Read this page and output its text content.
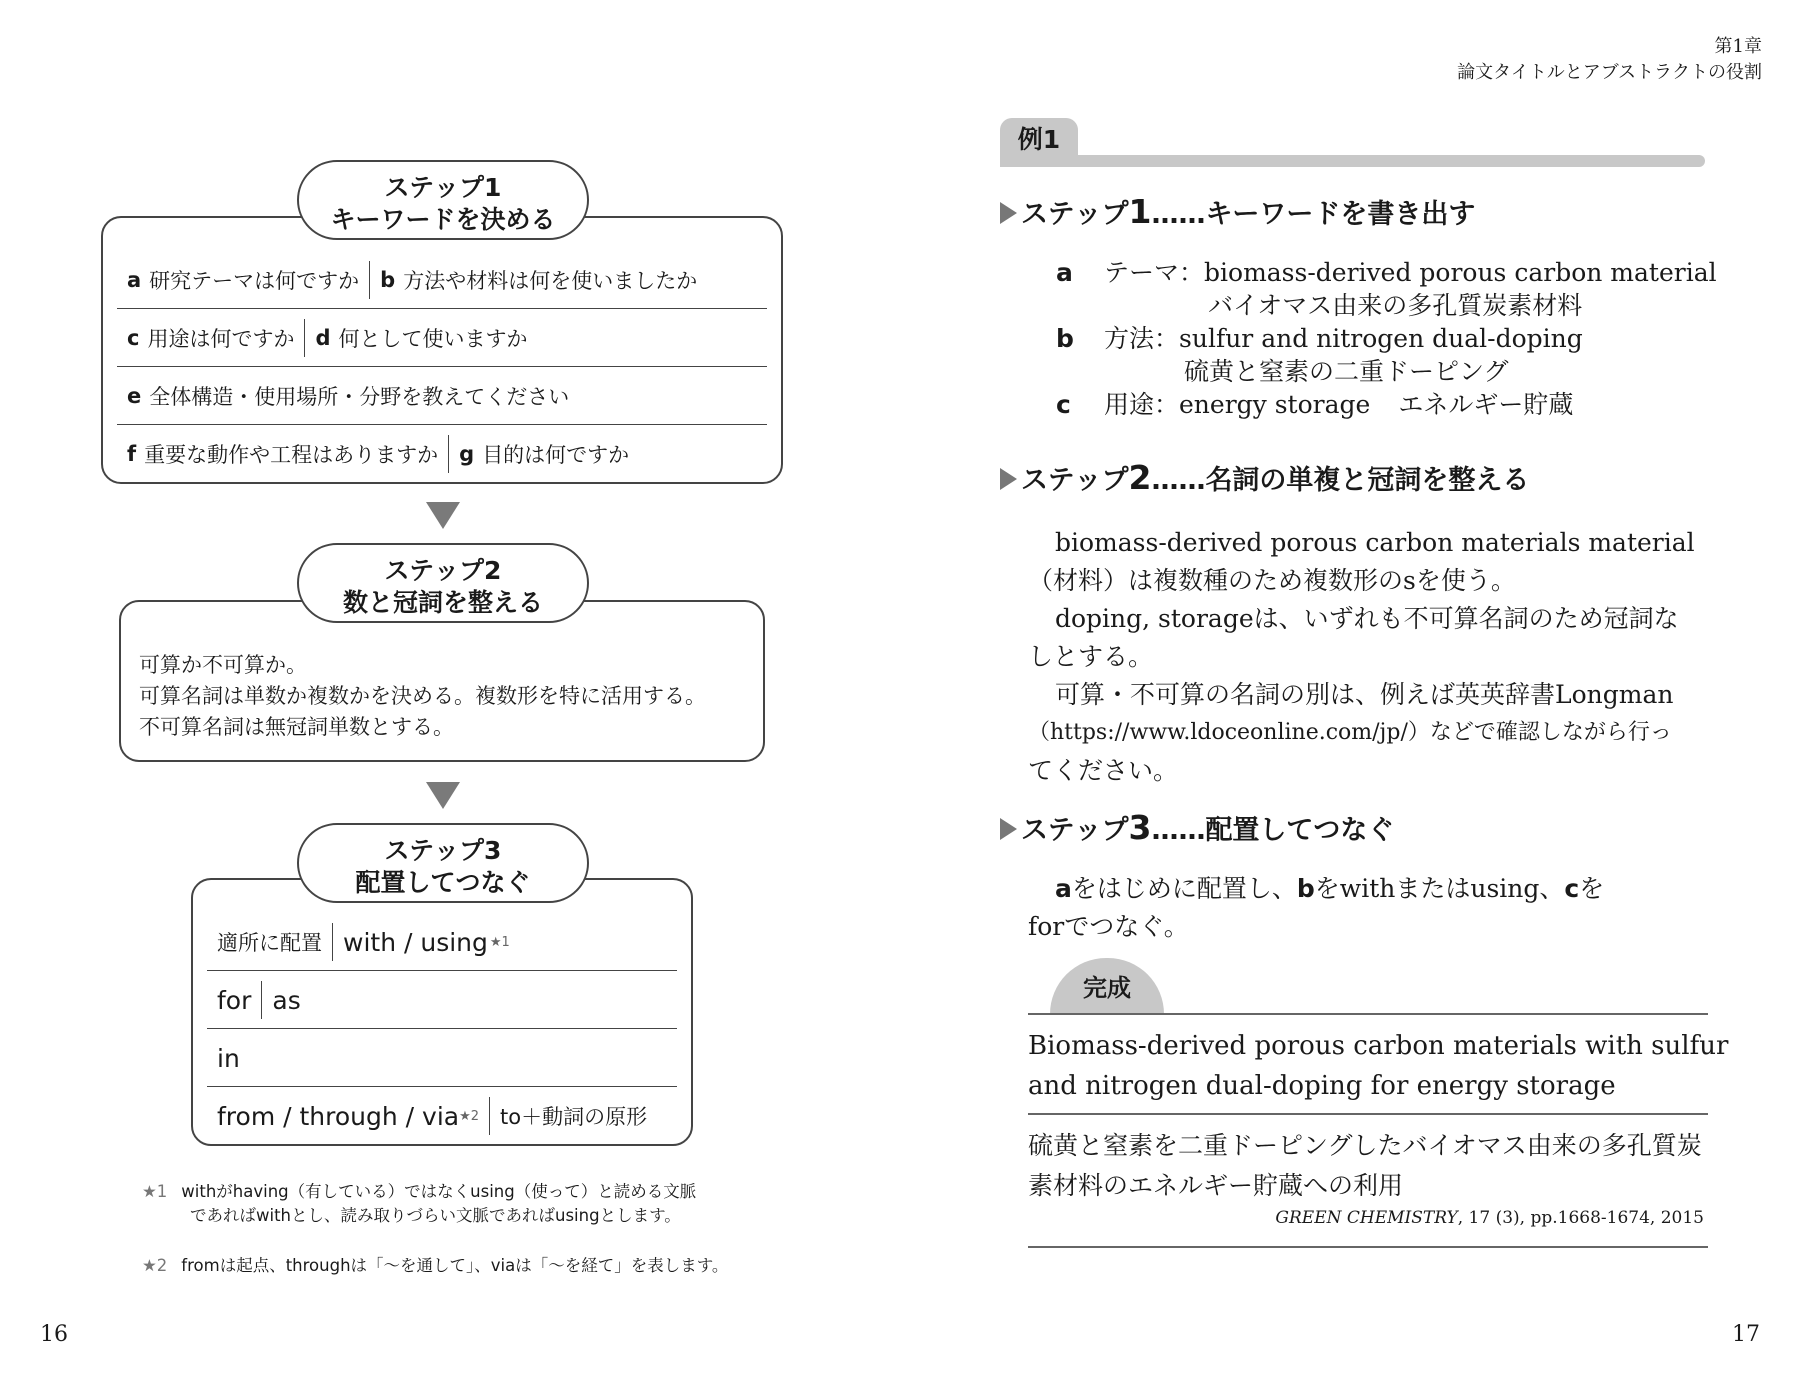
第1章
論文タイトルとアブストラクトの役割
16	17
a 研究テーマは何ですか b 方法や材料は何を使いましたか
c 用途は何ですか d 何として使いますか
e 全体構造・使用場所・分野を教えてください
f 重要な動作や工程はありますか g 目的は何ですか
ステップ1
キーワードを決める
可算か不可算か。
可算名詞は単数か複数かを決める。複数形を特に活用する。
不可算名詞は無冠詞単数とする。
ステップ2
数と冠詞を整える
適所に配置 with / using ★1
for as
in
from / through / via ★2	to＋動詞の原形
ステップ3
配置してつなぐ
★1 withがhaving（有している）ではなくusing（使って）と読める文脈
であればwithとし、読み取りづらい文脈であればusingとします。
★2 fromは起点、throughは「〜を通して」、viaは「〜を経て」を表します。
例1
ステップ1……キーワードを書き出す
a テーマ：biomass-derived porous carbon material
バイオマス由来の多孔質炭素材料
b 方法：sulfur and nitrogen dual-doping
硫黄と窒素の二重ドーピング
c 用途：energy storage エネルギー貯蔵
ステップ2……名詞の単複と冠詞を整える
biomass-derived porous carbon materials material
（材料）は複数種のため複数形のsを使う。
doping, storageは、いずれも不可算名詞のため冠詞な
しとする。
可算・不可算の名詞の別は、例えば英英辞書Longman
（https://www.ldoceonline.com/jp/）などで確認しながら行っ
てください。
ステップ3……配置してつなぐ
aをはじめに配置し、bをwithまたはusing、cを
forでつなぐ。
完成
Biomass-derived porous carbon materials with sulfur
and nitrogen dual-doping for energy storage
硫黄と窒素を二重ドーピングしたバイオマス由来の多孔質炭
素材料のエネルギー貯蔵への利用
GREEN CHEMISTRY, 17 (3), pp.1668-1674, 2015
